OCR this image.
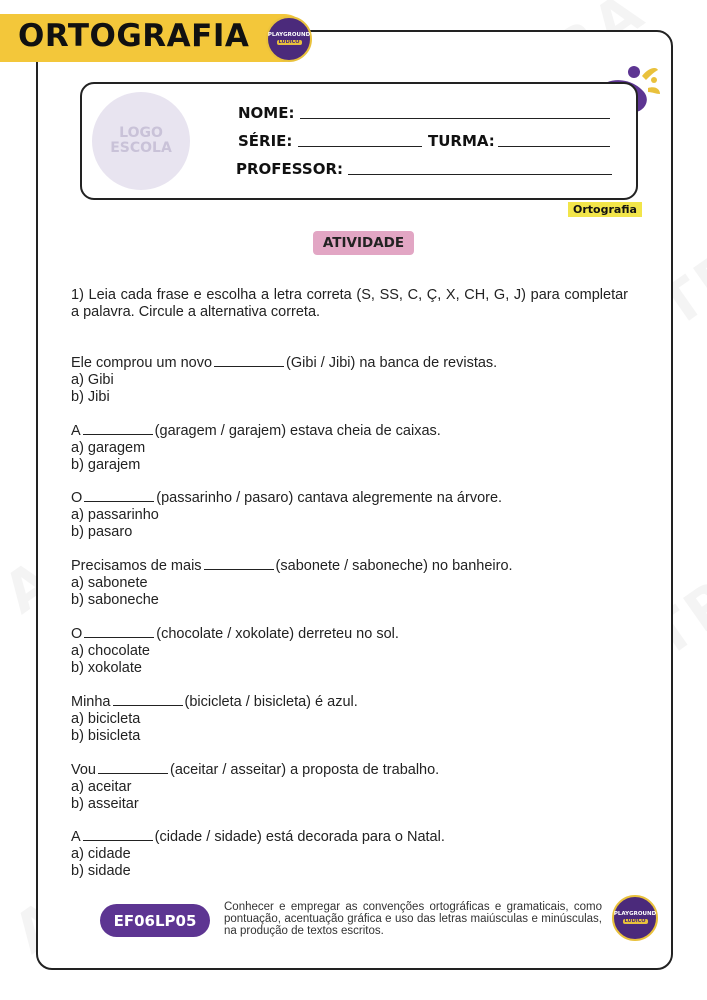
ORTOGRAFIA	PLAYGROUND
LÚDICO
LOGO
ESCOLA
NOME:
SÉRIE:	TURMA:
PROFESSOR:
Ortografia
ATIVIDADE
1) Leia cada frase e escolha a letra correta (S, SS, C, Ç, X, CH, G, J) para completar a palavra. Circule a alternativa correta.
Ele comprou um novo	(Gibi / Jibi) na banca de revistas.
a) Gibi
b) Jibi
A	(garagem / garajem) estava cheia de caixas.
a) garagem
b) garajem
O	(passarinho / pasaro) cantava alegremente na árvore.
a) passarinho
b) pasaro
Precisamos de mais	(sabonete / saboneche) no banheiro.
a) sabonete
b) saboneche
O	(chocolate / xokolate) derreteu no sol.
a) chocolate
b) xokolate
Minha	(bicicleta / bisicleta) é azul.
a) bicicleta
b) bisicleta
Vou	(aceitar / asseitar) a proposta de trabalho.
a) aceitar
b) asseitar
A	(cidade / sidade) está decorada para o Natal.
a) cidade
b) sidade
EF06LP05
Conhecer e empregar as convenções ortográficas e gramaticais, como pontuação, acentuação gráfica e uso das letras maiúsculas e minúsculas, na produção de textos escritos.
PLAYGROUND
LÚDICO
